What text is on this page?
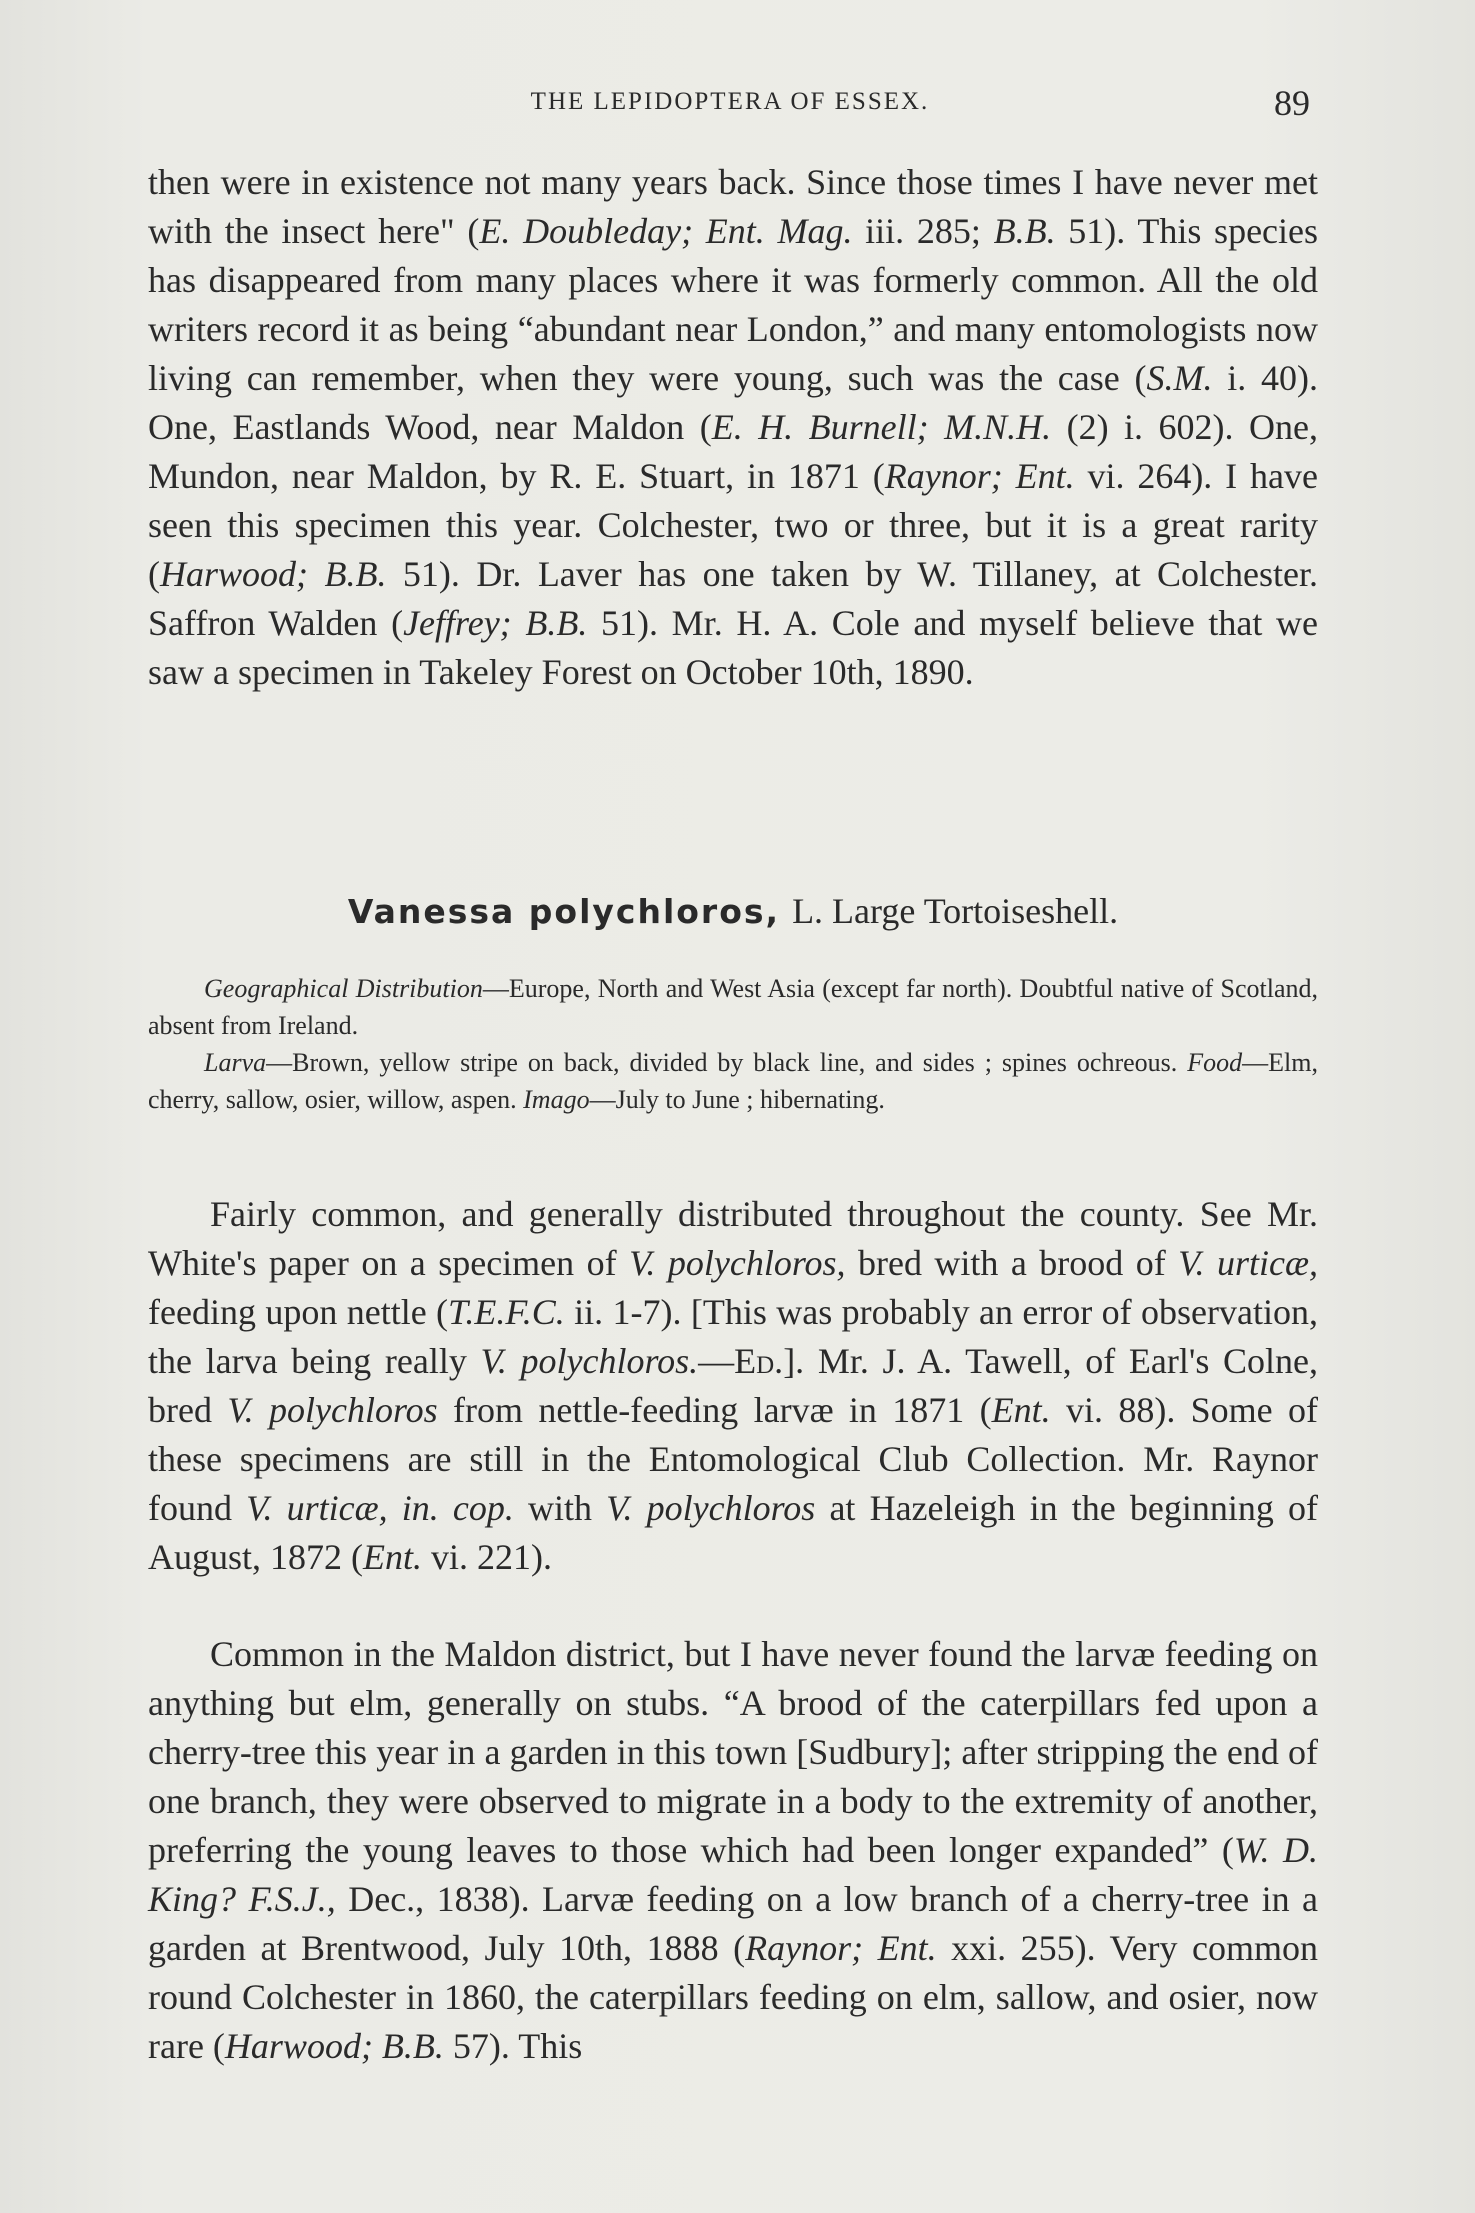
THE LEPIDOPTERA OF ESSEX.	89

then were in existence not many years back. Since those times I have never met with the insect here" (E. Doubleday; Ent. Mag. iii. 285; B.B. 51). This species has disappeared from many places where it was formerly common. All the old writers record it as being “abundant near London,” and many entomologists now living can remember, when they were young, such was the case (S.M. i. 40). One, Eastlands Wood, near Maldon (E. H. Burnell; M.N.H. (2) i. 602). One, Mundon, near Maldon, by R. E. Stuart, in 1871 (Raynor; Ent. vi. 264). I have seen this specimen this year. Colchester, two or three, but it is a great rarity (Harwood; B.B. 51). Dr. Laver has one taken by W. Tillaney, at Colchester. Saffron Walden (Jeffrey; B.B. 51). Mr. H. A. Cole and myself believe that we saw a specimen in Takeley Forest on October 10th, 1890.

Vanessa polychloros, L. Large Tortoiseshell.

Geographical Distribution—Europe, North and West Asia (except far north). Doubtful native of Scotland, absent from Ireland.

Larva—Brown, yellow stripe on back, divided by black line, and sides ; spines ochreous. Food—Elm, cherry, sallow, osier, willow, aspen. Imago—July to June ; hibernating.

Fairly common, and generally distributed throughout the county. See Mr. White's paper on a specimen of V. polychloros, bred with a brood of V. urticæ, feeding upon nettle (T.E.F.C. ii. 1-7). [This was probably an error of observation, the larva being really V. polychloros.—Ed.]. Mr. J. A. Tawell, of Earl's Colne, bred V. polychloros from nettle-feeding larvæ in 1871 (Ent. vi. 88). Some of these specimens are still in the Entomological Club Collection. Mr. Raynor found V. urticæ, in. cop. with V. polychloros at Hazeleigh in the beginning of August, 1872 (Ent. vi. 221).

Common in the Maldon district, but I have never found the larvæ feeding on anything but elm, generally on stubs. “A brood of the caterpillars fed upon a cherry-tree this year in a garden in this town [Sudbury]; after stripping the end of one branch, they were observed to migrate in a body to the extremity of another, preferring the young leaves to those which had been longer expanded” (W. D. King? F.S.J., Dec., 1838). Larvæ feeding on a low branch of a cherry-tree in a garden at Brentwood, July 10th, 1888 (Raynor; Ent. xxi. 255). Very common round Colchester in 1860, the caterpillars feeding on elm, sallow, and osier, now rare (Harwood; B.B. 57). This
